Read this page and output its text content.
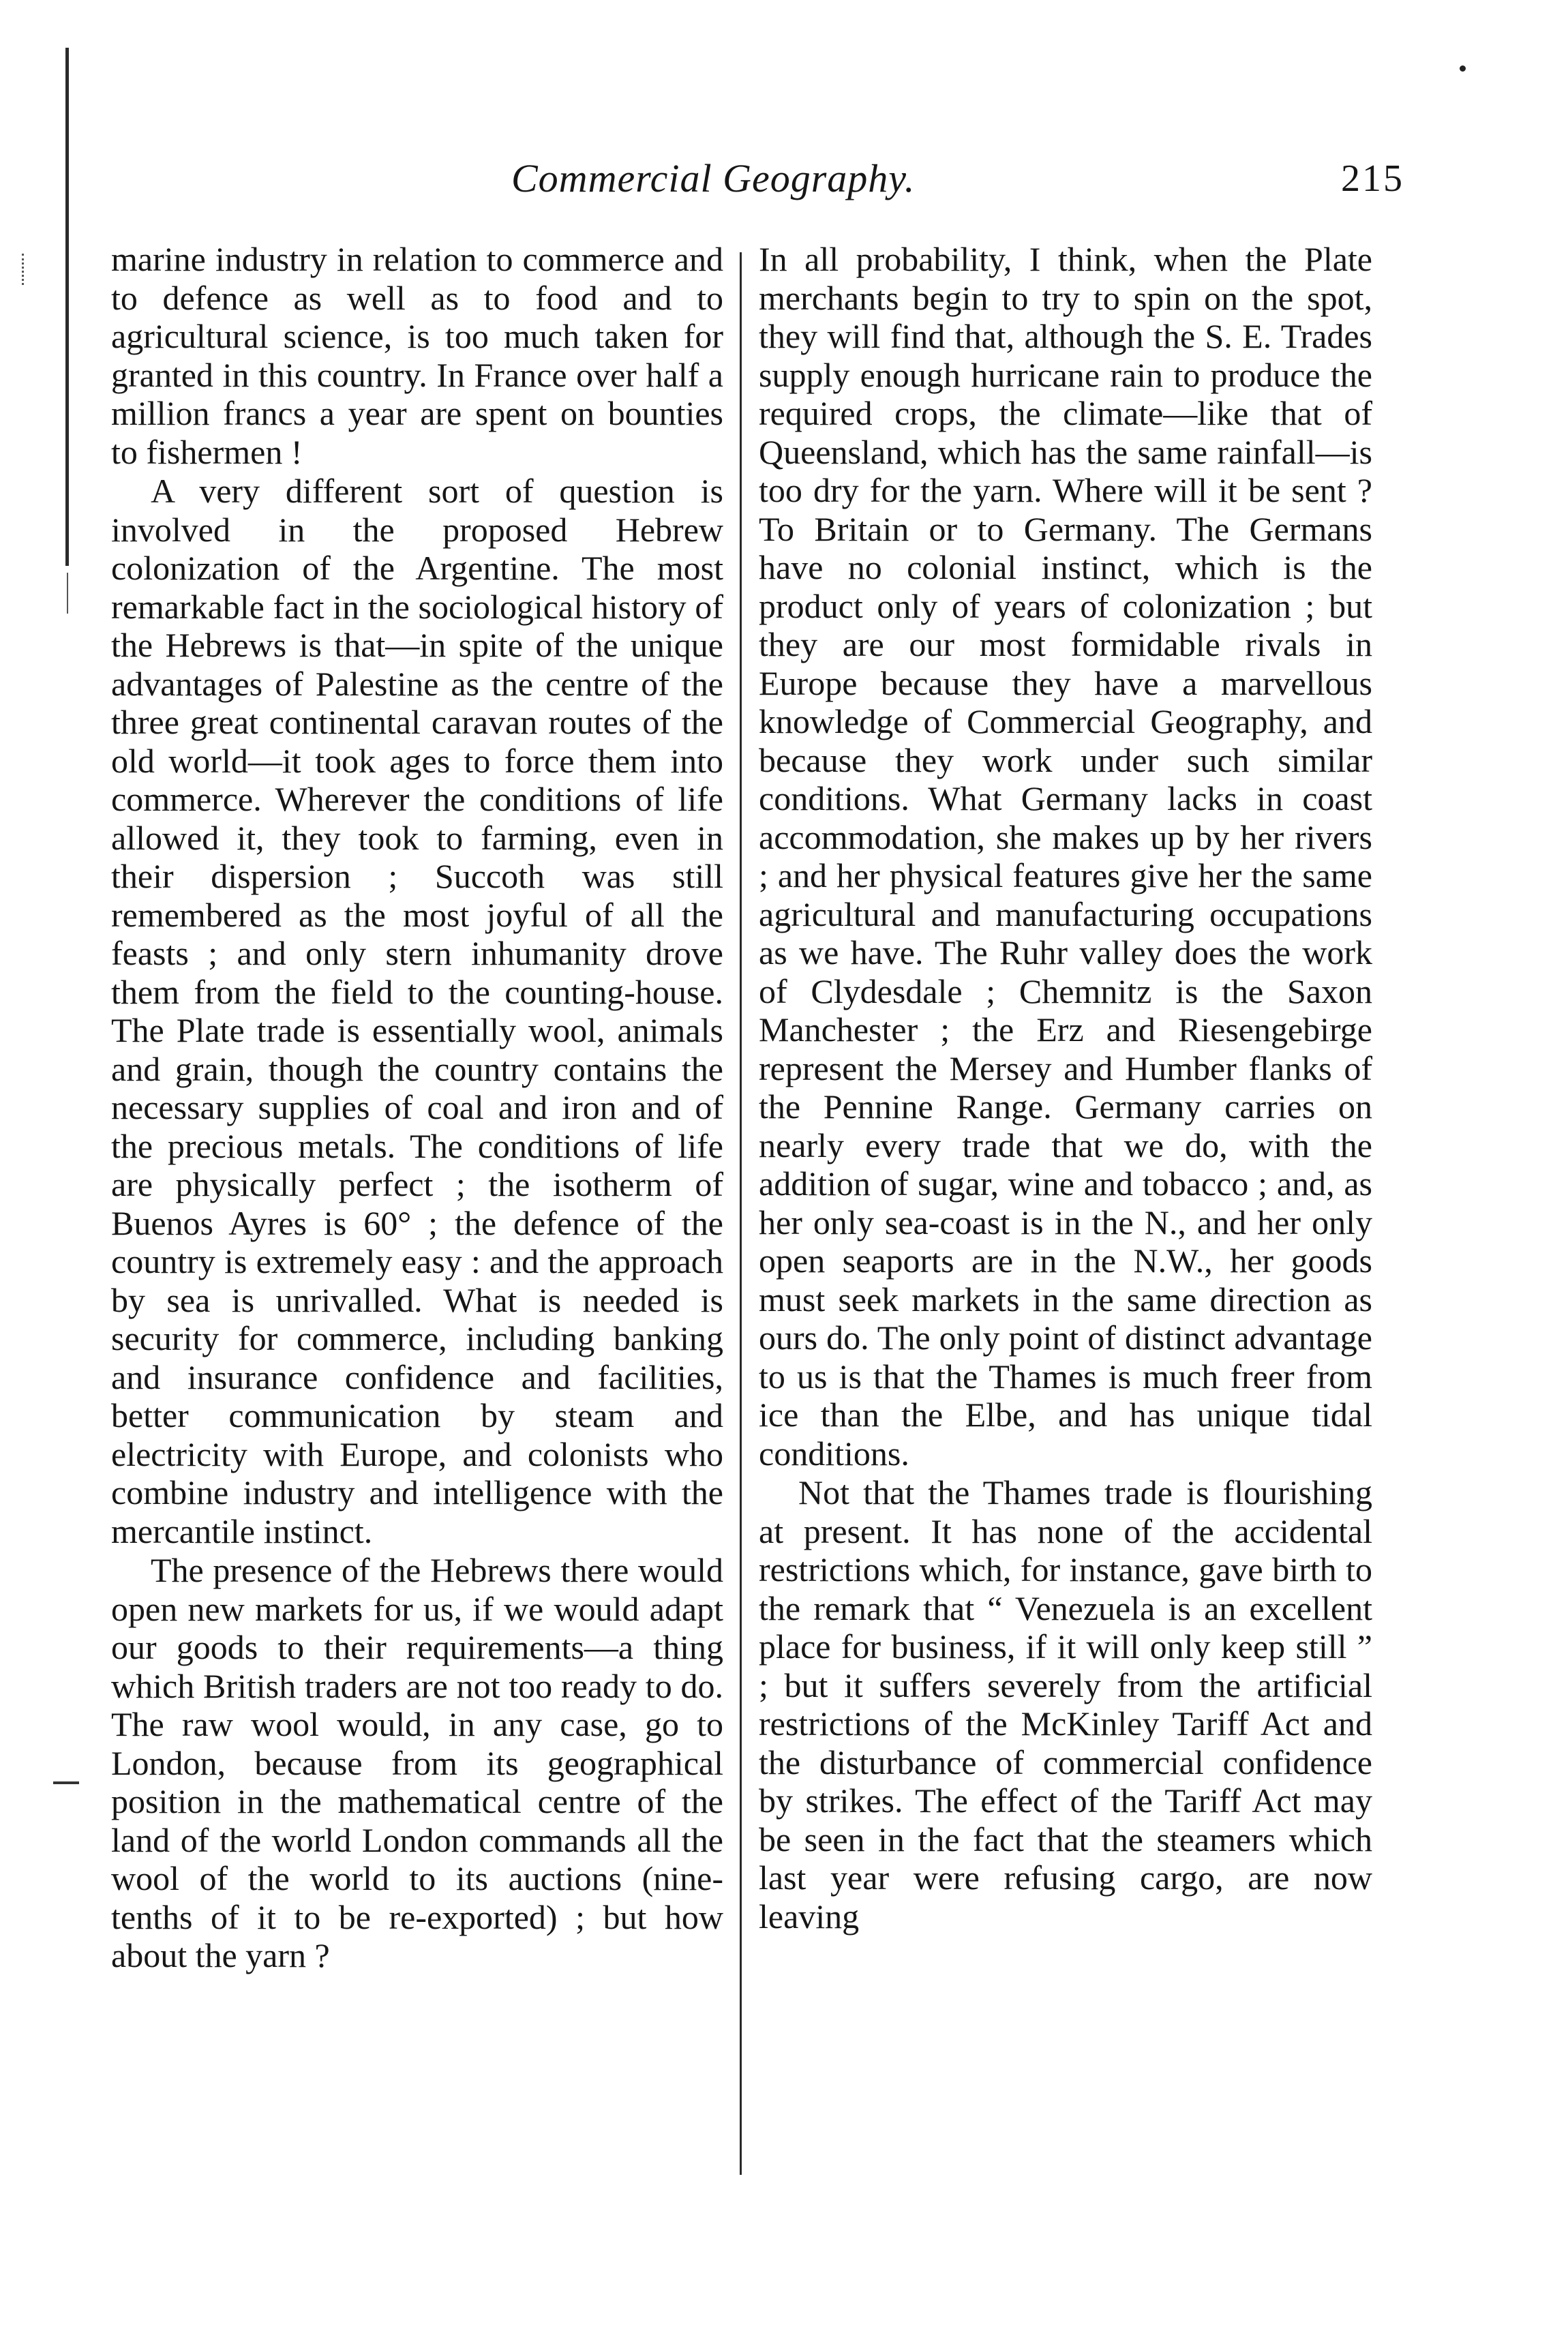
Commercial Geography.	215

marine industry in relation to commerce and to defence as well as to food and to agricultural science, is too much taken for granted in this country. In France over half a million francs a year are spent on bounties to fishermen !

A very different sort of question is involved in the proposed Hebrew colonization of the Argentine. The most remarkable fact in the sociological history of the Hebrews is that—in spite of the unique advantages of Palestine as the centre of the three great continental caravan routes of the old world—it took ages to force them into commerce. Wherever the conditions of life allowed it, they took to farming, even in their dispersion ; Succoth was still remembered as the most joyful of all the feasts ; and only stern inhumanity drove them from the field to the counting-house. The Plate trade is essentially wool, animals and grain, though the country contains the necessary supplies of coal and iron and of the precious metals. The conditions of life are physically perfect ; the isotherm of Buenos Ayres is 60° ; the defence of the country is extremely easy : and the approach by sea is unrivalled. What is needed is security for commerce, including banking and insurance confidence and facilities, better communication by steam and electricity with Europe, and colonists who combine industry and intelligence with the mercantile instinct.

The presence of the Hebrews there would open new markets for us, if we would adapt our goods to their requirements—a thing which British traders are not too ready to do. The raw wool would, in any case, go to London, because from its geographical position in the mathematical centre of the land of the world London commands all the wool of the world to its auctions (nine-tenths of it to be re-exported) ; but how about the yarn ?

In all probability, I think, when the Plate merchants begin to try to spin on the spot, they will find that, although the S. E. Trades supply enough hurricane rain to produce the required crops, the climate—like that of Queensland, which has the same rainfall—is too dry for the yarn. Where will it be sent ? To Britain or to Germany. The Germans have no colonial instinct, which is the product only of years of colonization ; but they are our most formidable rivals in Europe because they have a marvellous knowledge of Commercial Geography, and because they work under such similar conditions. What Germany lacks in coast accommodation, she makes up by her rivers ; and her physical features give her the same agricultural and manufacturing occupations as we have. The Ruhr valley does the work of Clydesdale ; Chemnitz is the Saxon Manchester ; the Erz and Riesengebirge represent the Mersey and Humber flanks of the Pennine Range. Germany carries on nearly every trade that we do, with the addition of sugar, wine and tobacco ; and, as her only sea-coast is in the N., and her only open seaports are in the N.W., her goods must seek markets in the same direction as ours do. The only point of distinct advantage to us is that the Thames is much freer from ice than the Elbe, and has unique tidal conditions.

Not that the Thames trade is flourishing at present. It has none of the accidental restrictions which, for instance, gave birth to the remark that “ Venezuela is an excellent place for business, if it will only keep still ” ; but it suffers severely from the artificial restrictions of the McKinley Tariff Act and the disturbance of commercial confidence by strikes. The effect of the Tariff Act may be seen in the fact that the steamers which last year were refusing cargo, are now leaving
